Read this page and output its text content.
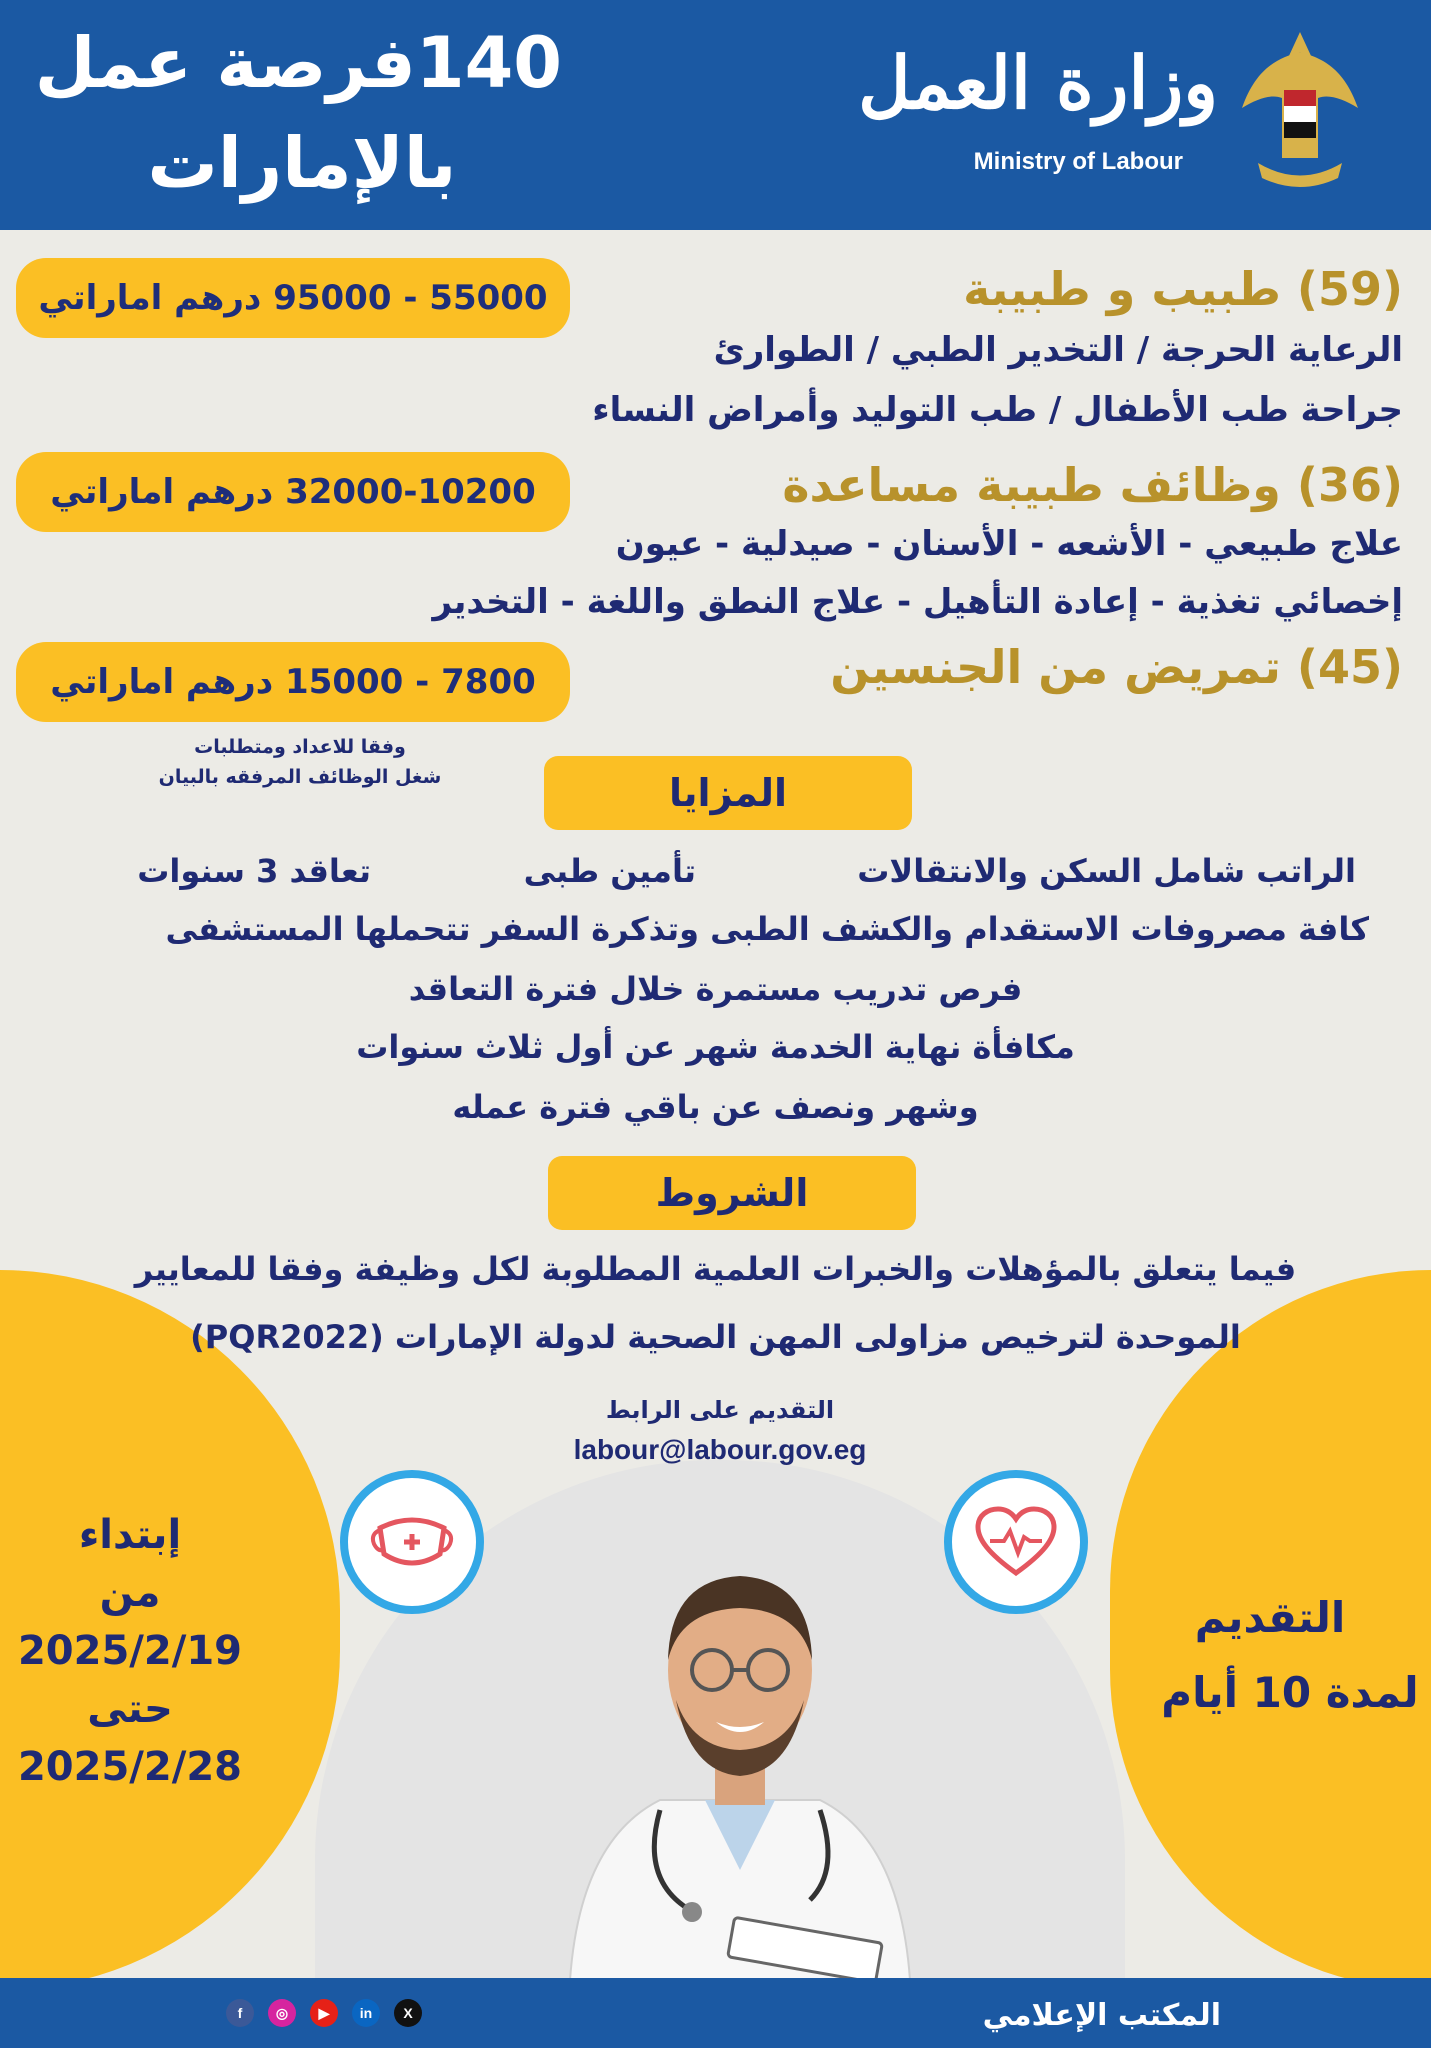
وزارة العمل
Ministry of Labour
140فرصة عمل
بالإمارات
(59) طبيب و طبيبة
الرعاية الحرجة / التخدير الطبي / الطوارئ
جراحة طب الأطفال / طب التوليد وأمراض النساء
55000 - 95000 درهم اماراتي
(36) وظائف طبيبة مساعدة
علاج طبيعي - الأشعه - الأسنان - صيدلية - عيون
إخصائي تغذية - إعادة التأهيل - علاج النطق واللغة - التخدير
32000-10200 درهم اماراتي
(45) تمريض من الجنسين
7800 - 15000 درهم اماراتي
وفقا للاعداد ومتطلبات
شغل الوظائف المرفقه بالبيان	المزايا
الراتب شامل السكن والانتقالات
تأمين طبى
تعاقد 3 سنوات
كافة مصروفات الاستقدام والكشف الطبى وتذكرة السفر تتحملها المستشفى
فرص تدريب مستمرة خلال فترة التعاقد
مكافأة نهاية الخدمة شهر عن أول ثلاث سنوات
وشهر ونصف عن باقي فترة عمله
الشروط
فيما يتعلق بالمؤهلات والخبرات العلمية المطلوبة لكل وظيفة وفقا للمعايير
الموحدة لترخيص مزاولى المهن الصحية لدولة الإمارات (PQR2022)
التقديم على الرابط
labour@labour.gov.eg
إبتداء
من
2025/2/19
حتى
2025/2/28
التقديم
لمدة 10 أيام
المكتب الإعلامي
f	◎	▶	in	X
